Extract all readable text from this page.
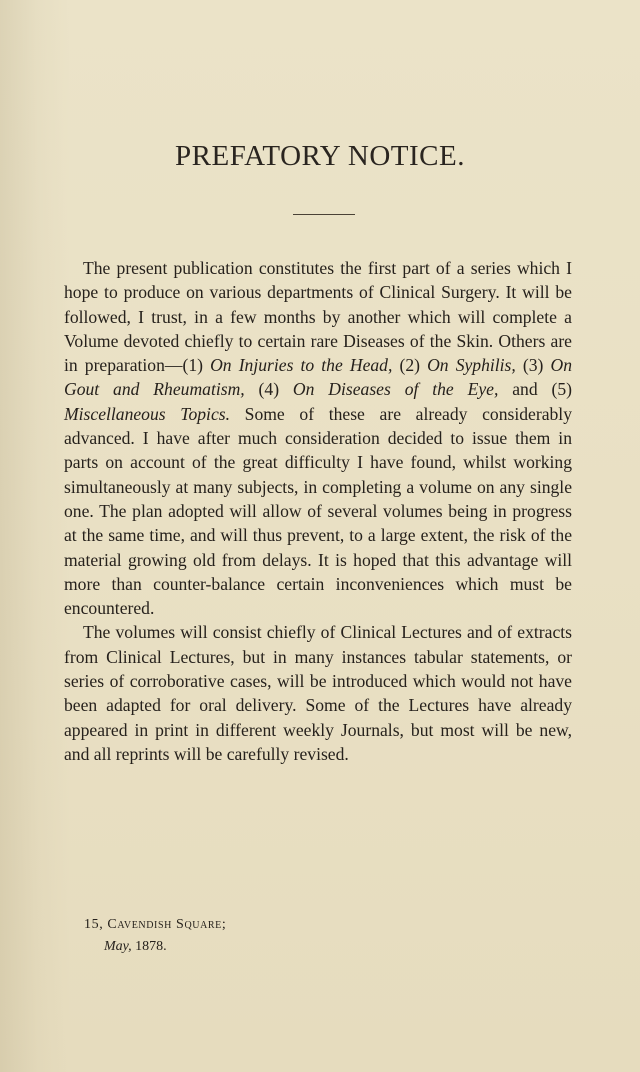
PREFATORY NOTICE.

The present publication constitutes the first part of a series which I hope to produce on various departments of Clinical Surgery. It will be followed, I trust, in a few months by another which will complete a Volume devoted chiefly to certain rare Diseases of the Skin. Others are in preparation—(1) On Injuries to the Head, (2) On Syphilis, (3) On Gout and Rheumatism, (4) On Diseases of the Eye, and (5) Miscellaneous Topics. Some of these are already considerably advanced. I have after much consideration decided to issue them in parts on account of the great difficulty I have found, whilst working simultaneously at many subjects, in completing a volume on any single one. The plan adopted will allow of several volumes being in progress at the same time, and will thus prevent, to a large extent, the risk of the material growing old from delays. It is hoped that this advantage will more than counter-balance certain inconveniences which must be encountered.

The volumes will consist chiefly of Clinical Lectures and of extracts from Clinical Lectures, but in many instances tabular statements, or series of corroborative cases, will be introduced which would not have been adapted for oral delivery. Some of the Lectures have already appeared in print in different weekly Journals, but most will be new, and all reprints will be carefully revised.

15, Cavendish Square;
May, 1878.
